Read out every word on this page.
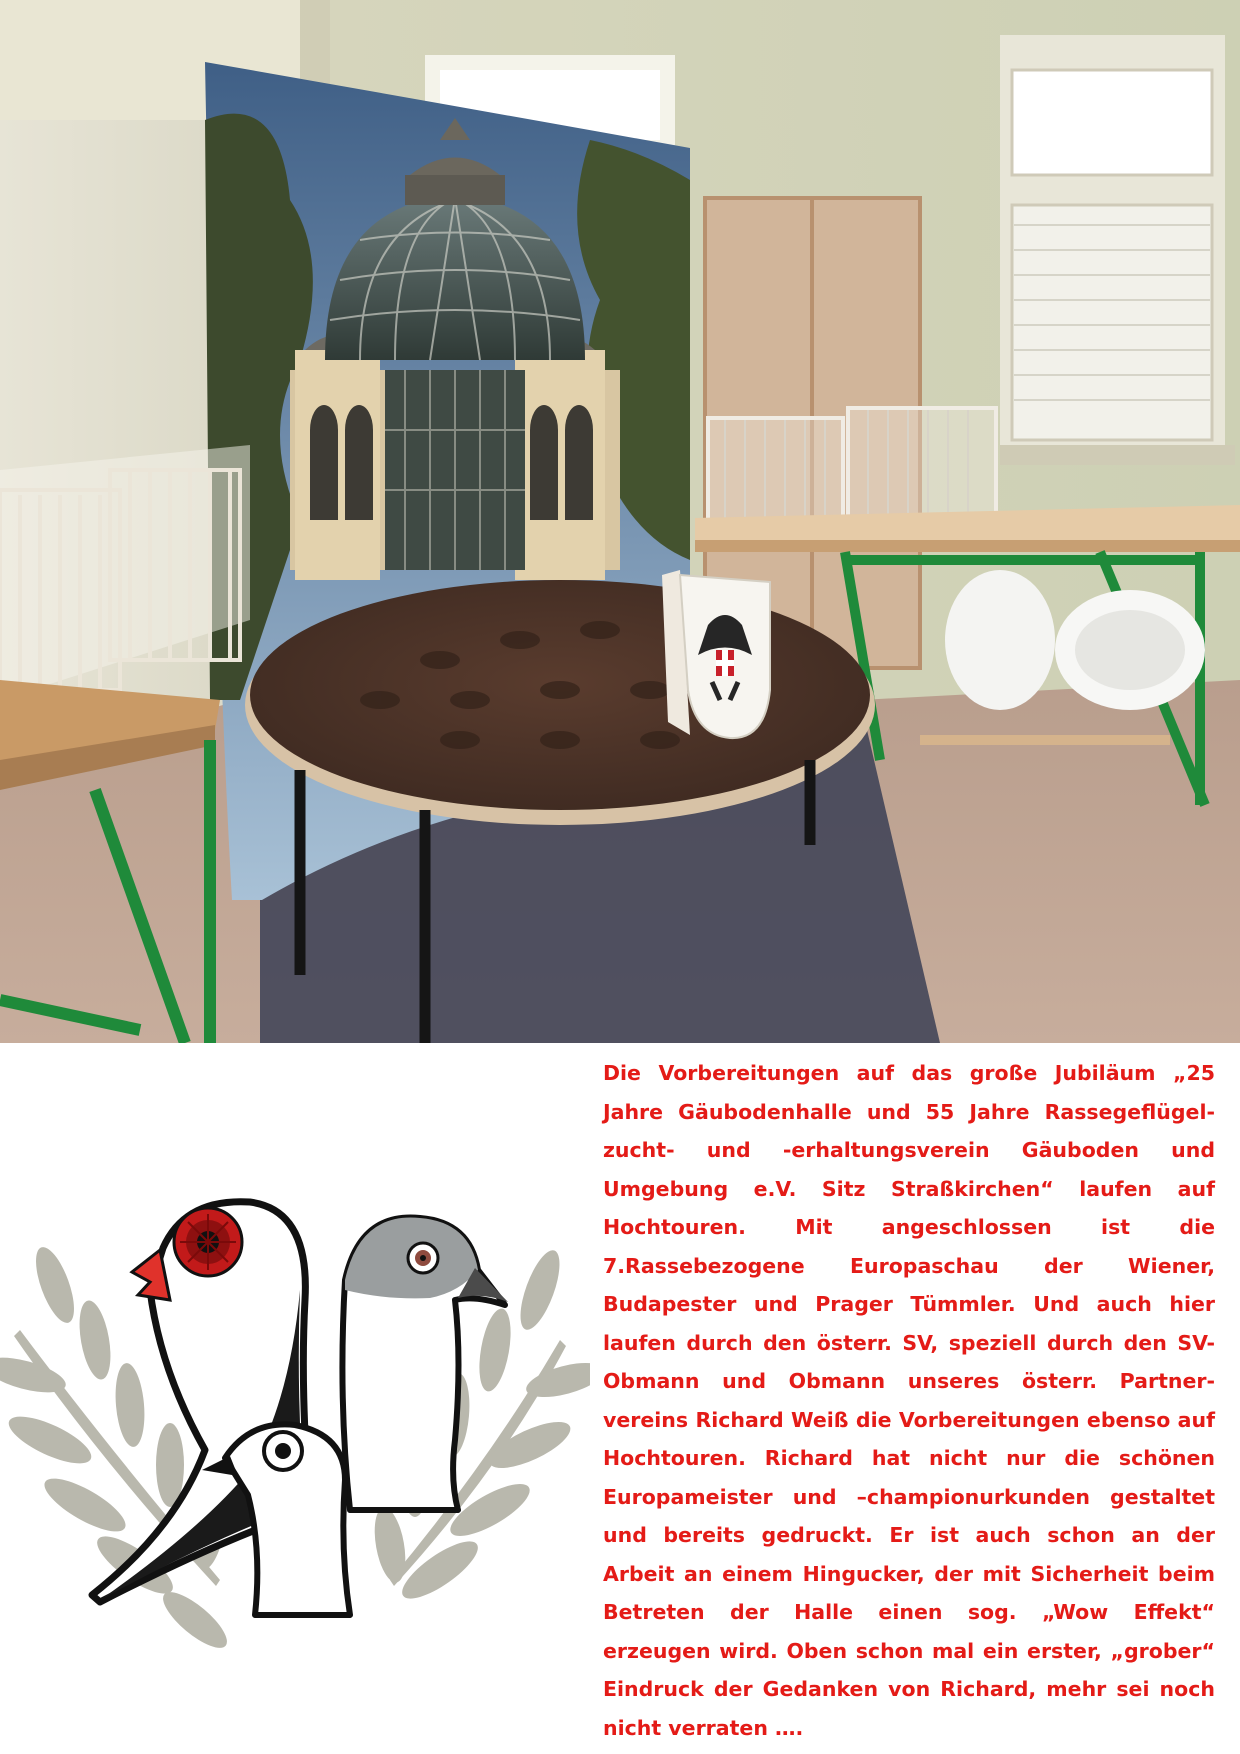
Die Vorbereitungen auf das große Jubiläum „25 Jahre Gäubodenhalle und 55 Jahre Rassegeflügel-zucht- und -erhaltungsverein Gäuboden und Umgebung e.V. Sitz Straßkirchen“ laufen auf Hochtouren. Mit angeschlossen ist die 7.Rassebezogene Europaschau der Wiener, Budapester und Prager Tümmler. Und auch hier laufen durch den österr. SV, speziell durch den SV-Obmann und Obmann unseres österr. Partner-vereins Richard Weiß die Vorbereitungen ebenso auf Hochtouren. Richard hat nicht nur die schönen Europameister und –championurkunden gestaltet und bereits gedruckt. Er ist auch schon an der Arbeit an einem Hingucker, der mit Sicherheit beim Betreten der Halle einen sog. „Wow Effekt“ erzeugen wird. Oben schon mal ein erster, „grober“ Eindruck der Gedanken von Richard, mehr sei noch nicht verraten ….
